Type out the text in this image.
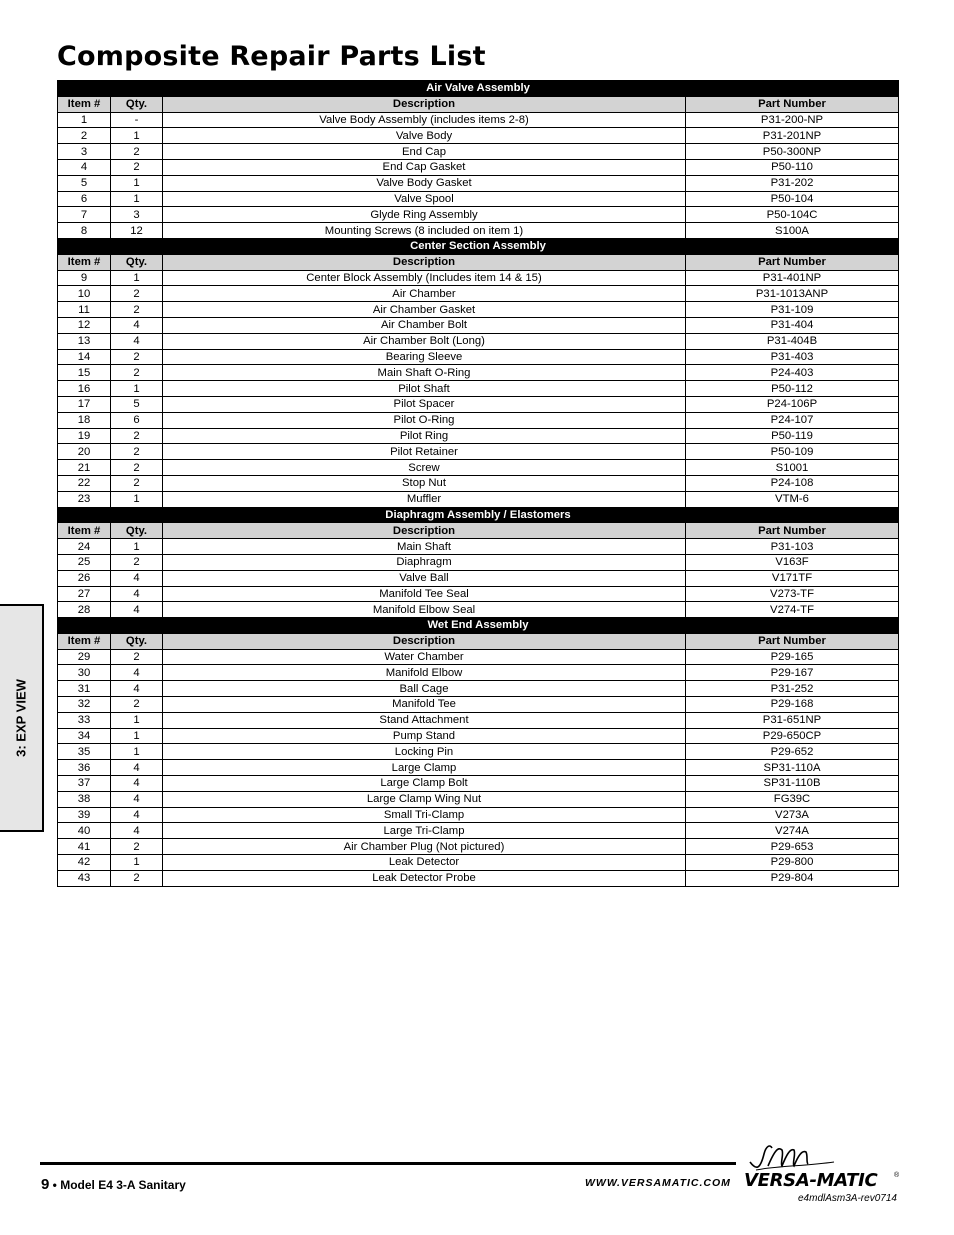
Composite Repair Parts List
3: EXP VIEW
Air Valve Assembly			
Item #	Qty.	Description	Part Number
1	-	Valve Body Assembly (includes items 2-8)	P31-200-NP
2	1	Valve Body	P31-201NP
3	2	End Cap	P50-300NP
4	2	End Cap Gasket	P50-110
5	1	Valve Body Gasket	P31-202
6	1	Valve Spool	P50-104
7	3	Glyde Ring Assembly	P50-104C
8	12	Mounting Screws (8 included on item 1)	S100A
Center Section Assembly			
Item #	Qty.	Description	Part Number
9	1	Center Block Assembly (Includes item 14 & 15)	P31-401NP
10	2	Air Chamber	P31-1013ANP
11	2	Air Chamber Gasket	P31-109
12	4	Air Chamber Bolt	P31-404
13	4	Air Chamber Bolt (Long)	P31-404B
14	2	Bearing Sleeve	P31-403
15	2	Main Shaft O-Ring	P24-403
16	1	Pilot Shaft	P50-112
17	5	Pilot Spacer	P24-106P
18	6	Pilot O-Ring	P24-107
19	2	Pilot Ring	P50-119
20	2	Pilot Retainer	P50-109
21	2	Screw	S1001
22	2	Stop Nut	P24-108
23	1	Muffler	VTM-6
Diaphragm Assembly / Elastomers			
Item #	Qty.	Description	Part Number
24	1	Main Shaft	P31-103
25	2	Diaphragm	V163F
26	4	Valve Ball	V171TF
27	4	Manifold Tee Seal	V273-TF
28	4	Manifold Elbow Seal	V274-TF
Wet End Assembly			
Item #	Qty.	Description	Part Number
29	2	Water Chamber	P29-165
30	4	Manifold Elbow	P29-167
31	4	Ball Cage	P31-252
32	2	Manifold Tee	P29-168
33	1	Stand Attachment	P31-651NP
34	1	Pump Stand	P29-650CP
35	1	Locking Pin	P29-652
36	4	Large Clamp	SP31-110A
37	4	Large Clamp Bolt	SP31-110B
38	4	Large Clamp Wing Nut	FG39C
39	4	Small Tri-Clamp	V273A
40	4	Large Tri-Clamp	V274A
41	2	Air Chamber Plug (Not pictured)	P29-653
42	1	Leak Detector	P29-800
43	2	Leak Detector Probe	P29-804
9 • Model E4 3-A Sanitary	WWW.VERSAMATIC.COM VERSA-MATIC ®
e4mdlAsm3A-rev0714
